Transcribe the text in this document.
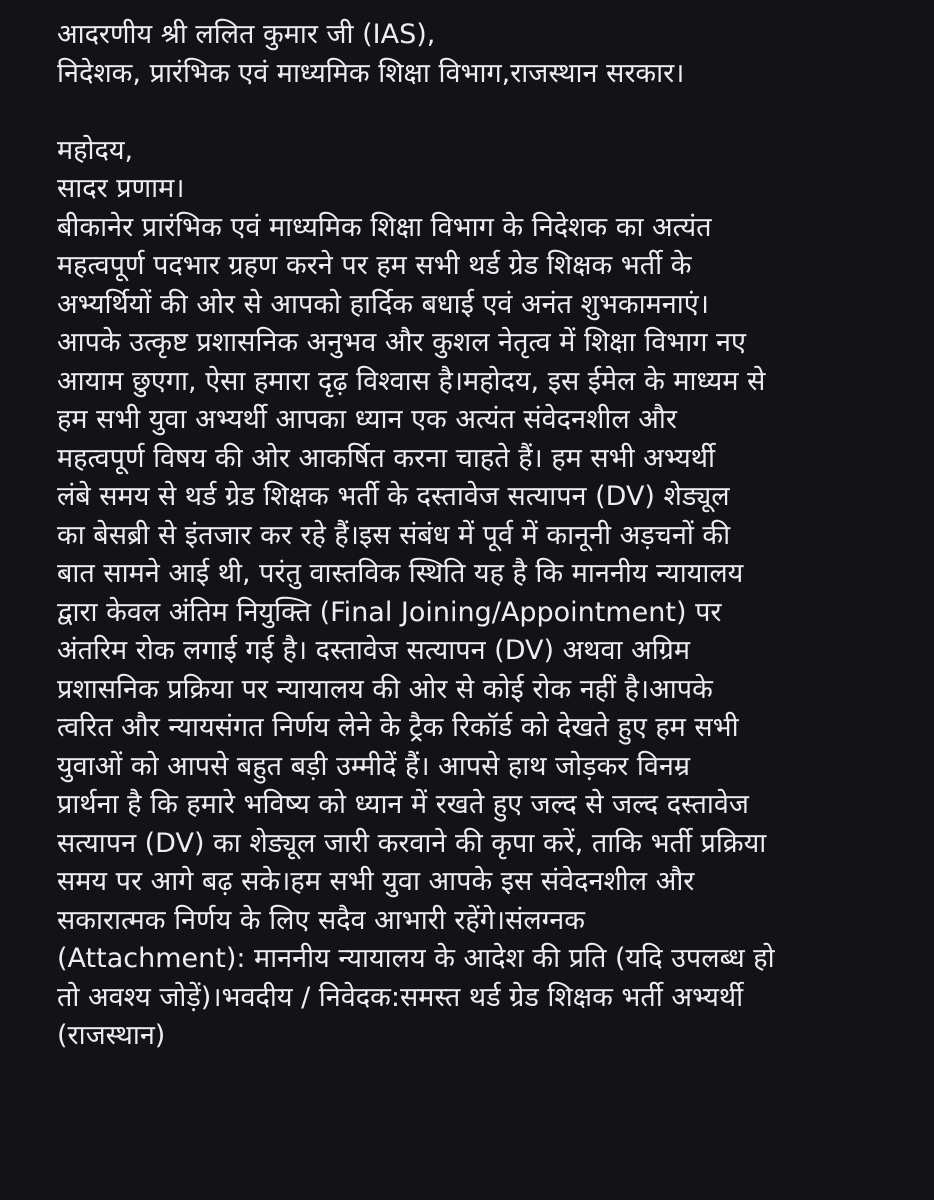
आदरणीय श्री ललित कुमार जी (IAS),
निदेशक, प्रारंभिक एवं माध्यमिक शिक्षा विभाग,राजस्थान सरकार।
महोदय,
सादर प्रणाम।
बीकानेर प्रारंभिक एवं माध्यमिक शिक्षा विभाग के निदेशक का अत्यंत
महत्वपूर्ण पदभार ग्रहण करने पर हम सभी थर्ड ग्रेड शिक्षक भर्ती के
अभ्यर्थियों की ओर से आपको हार्दिक बधाई एवं अनंत शुभकामनाएं।
आपके उत्कृष्ट प्रशासनिक अनुभव और कुशल नेतृत्व में शिक्षा विभाग नए
आयाम छुएगा, ऐसा हमारा दृढ़ विश्वास है।महोदय, इस ईमेल के माध्यम से
हम सभी युवा अभ्यर्थी आपका ध्यान एक अत्यंत संवेदनशील और
महत्वपूर्ण विषय की ओर आकर्षित करना चाहते हैं। हम सभी अभ्यर्थी
लंबे समय से थर्ड ग्रेड शिक्षक भर्ती के दस्तावेज सत्यापन (DV) शेड्यूल
का बेसब्री से इंतजार कर रहे हैं।इस संबंध में पूर्व में कानूनी अड़चनों की
बात सामने आई थी, परंतु वास्तविक स्थिति यह है कि माननीय न्यायालय
द्वारा केवल अंतिम नियुक्ति (Final Joining/Appointment) पर
अंतरिम रोक लगाई गई है। दस्तावेज सत्यापन (DV) अथवा अग्रिम
प्रशासनिक प्रक्रिया पर न्यायालय की ओर से कोई रोक नहीं है।आपके
त्वरित और न्यायसंगत निर्णय लेने के ट्रैक रिकॉर्ड को देखते हुए हम सभी
युवाओं को आपसे बहुत बड़ी उम्मीदें हैं। आपसे हाथ जोड़कर विनम्र
प्रार्थना है कि हमारे भविष्य को ध्यान में रखते हुए जल्द से जल्द दस्तावेज
सत्यापन (DV) का शेड्यूल जारी करवाने की कृपा करें, ताकि भर्ती प्रक्रिया
समय पर आगे बढ़ सके।हम सभी युवा आपके इस संवेदनशील और
सकारात्मक निर्णय के लिए सदैव आभारी रहेंगे।संलग्नक
(Attachment): माननीय न्यायालय के आदेश की प्रति (यदि उपलब्ध हो
तो अवश्य जोड़ें)।भवदीय / निवेदक:समस्त थर्ड ग्रेड शिक्षक भर्ती अभ्यर्थी
(राजस्थान)
